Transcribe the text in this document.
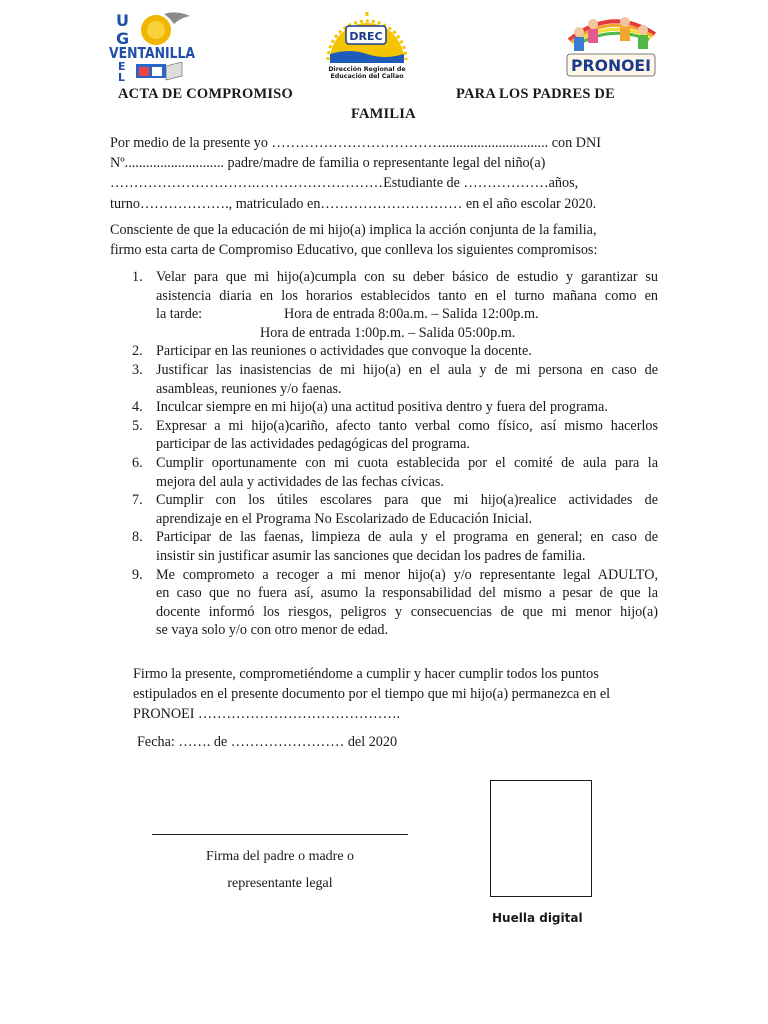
U
G
VENTANILLA
E
L
DREC
Dirección Regional de
Educación del Callao
PRONOEI
ACTA DE COMPROMISO	PARA LOS PADRES DE
FAMILIA
Por medio de la presente yo ……………………………….............................. con DNI
Nº............................ padre/madre de familia o representante legal del niño(a)
………………………….………………………Estudiante de ………………años,
turno………………., matriculado en………………………… en el año escolar 2020.
Consciente de que la educación de mi hijo(a) implica la acción conjunta de la familia,
firmo esta carta de Compromiso Educativo, que conlleva los siguientes compromisos:
1. Velar para que mi hijo(a)cumpla con su deber básico de estudio y garantizar su
asistencia diaria en los horarios establecidos tanto en el turno mañana como en
la tarde:	Hora de entrada 8:00a.m. – Salida 12:00p.m.
Hora de entrada 1:00p.m. – Salida 05:00p.m.
2. Participar en las reuniones o actividades que convoque la docente.
3. Justificar las inasistencias de mi hijo(a) en el aula y de mi persona en caso de
asambleas, reuniones y/o faenas.
4. Inculcar siempre en mi hijo(a) una actitud positiva dentro y fuera del programa.
5. Expresar a mi hijo(a)cariño, afecto tanto verbal como físico, así mismo hacerlos
participar de las actividades pedagógicas del programa.
6. Cumplir oportunamente con mi cuota establecida por el comité de aula para la
mejora del aula y actividades de las fechas cívicas.
7. Cumplir con los útiles escolares para que mi hijo(a)realice actividades de
aprendizaje en el Programa No Escolarizado de Educación Inicial.
8. Participar de las faenas, limpieza de aula y el programa en general; en caso de
insistir sin justificar asumir las sanciones que decidan los padres de familia.
9. Me comprometo a recoger a mi menor hijo(a) y/o representante legal ADULTO,
en caso que no fuera así, asumo la responsabilidad del mismo a pesar de que la
docente informó los riesgos, peligros y consecuencias de que mi menor hijo(a)
se vaya solo y/o con otro menor de edad.
Firmo la presente, comprometiéndome a cumplir y hacer cumplir todos los puntos
estipulados en el presente documento por el tiempo que mi hijo(a) permanezca en el
PRONOEI …………………………………….
Fecha: ……. de …………………… del 2020
Firma del padre o madre o
representante legal
Huella digital
